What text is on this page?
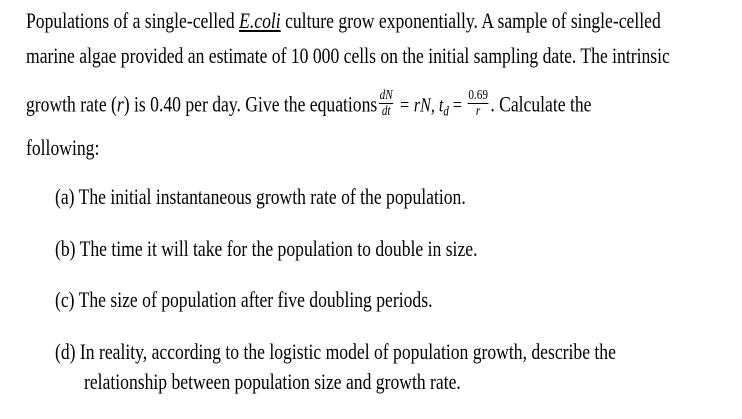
Populations of a single-celled E.coli culture grow exponentially. A sample of single-celled
marine algae provided an estimate of 10 000 cells on the initial sampling date. The intrinsic
growth rate (r) is 0.40 per day. Give the equations $\frac{dN}{dt}$ = rN, $t_d = \frac{0.69}{r}$ . Calculate the
following:
(a) The initial instantaneous growth rate of the population.
(b) The time it will take for the population to double in size.
(c) The size of population after five doubling periods.
(d) In reality, according to the logistic model of population growth, describe the
relationship between population size and growth rate.
